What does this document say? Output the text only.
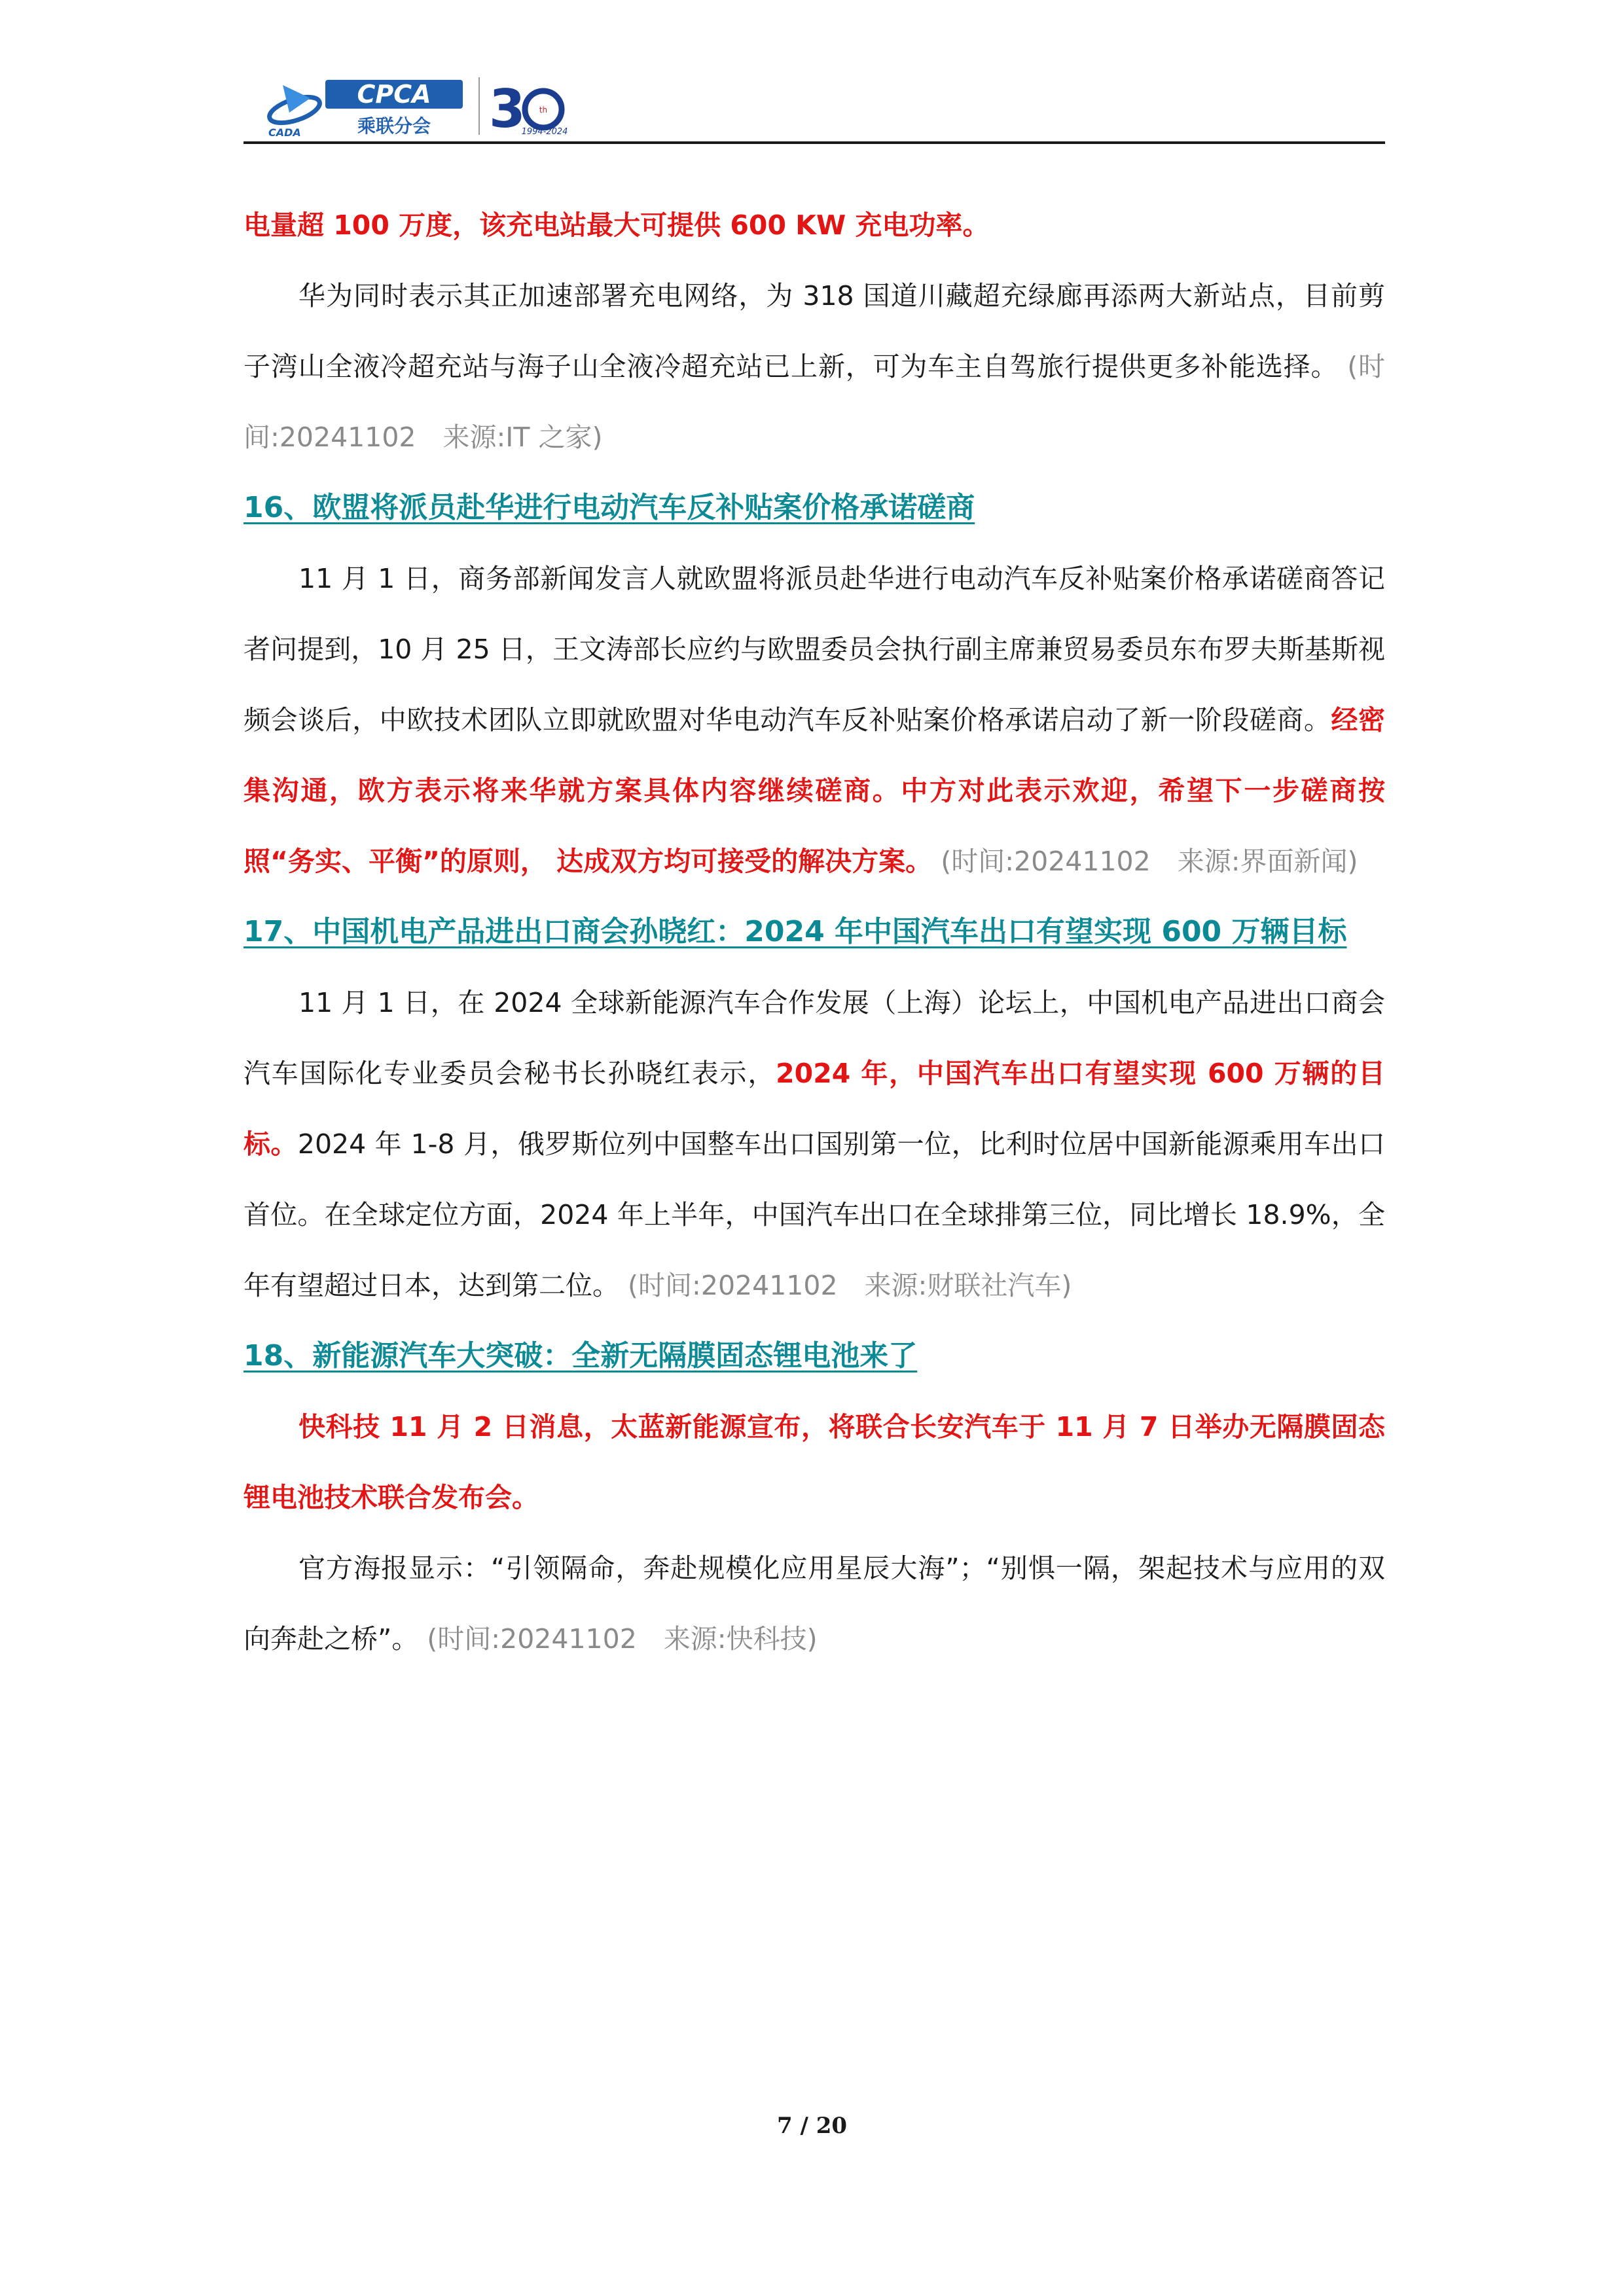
CADA
CPCA
乘联分会 3 th
1994-2024

电量超 100 万度，该充电站最大可提供 600 KW 充电功率。

华为同时表示其正加速部署充电网络，为 318 国道川藏超充绿廊再添两大新站点，目前剪子湾山全液冷超充站与海子山全液冷超充站已上新，可为车主自驾旅行提供更多补能选择。 (时间:20241102　来源:IT 之家)

16、欧盟将派员赴华进行电动汽车反补贴案价格承诺磋商

11 月 1 日，商务部新闻发言人就欧盟将派员赴华进行电动汽车反补贴案价格承诺磋商答记者问提到，10 月 25 日，王文涛部长应约与欧盟委员会执行副主席兼贸易委员东布罗夫斯基斯视频会谈后，中欧技术团队立即就欧盟对华电动汽车反补贴案价格承诺启动了新一阶段磋商。经密集沟通，欧方表示将来华就方案具体内容继续磋商。中方对此表示欢迎，希望下一步磋商按照“务实、平衡”的原则， 达成双方均可接受的解决方案。 (时间:20241102　来源:界面新闻)

17、中国机电产品进出口商会孙晓红：2024 年中国汽车出口有望实现 600 万辆目标

11 月 1 日，在 2024 全球新能源汽车合作发展（上海）论坛上，中国机电产品进出口商会汽车国际化专业委员会秘书长孙晓红表示，2024 年，中国汽车出口有望实现 600 万辆的目标。2024 年 1-8 月，俄罗斯位列中国整车出口国别第一位，比利时位居中国新能源乘用车出口首位。在全球定位方面，2024 年上半年，中国汽车出口在全球排第三位，同比增长 18.9%，全年有望超过日本，达到第二位。 (时间:20241102　来源:财联社汽车)

18、新能源汽车大突破：全新无隔膜固态锂电池来了

快科技 11 月 2 日消息，太蓝新能源宣布，将联合长安汽车于 11 月 7 日举办无隔膜固态锂电池技术联合发布会。

官方海报显示：“引领隔命，奔赴规模化应用星辰大海”；“别惧一隔，架起技术与应用的双向奔赴之桥”。 (时间:20241102　来源:快科技)

7 / 20
